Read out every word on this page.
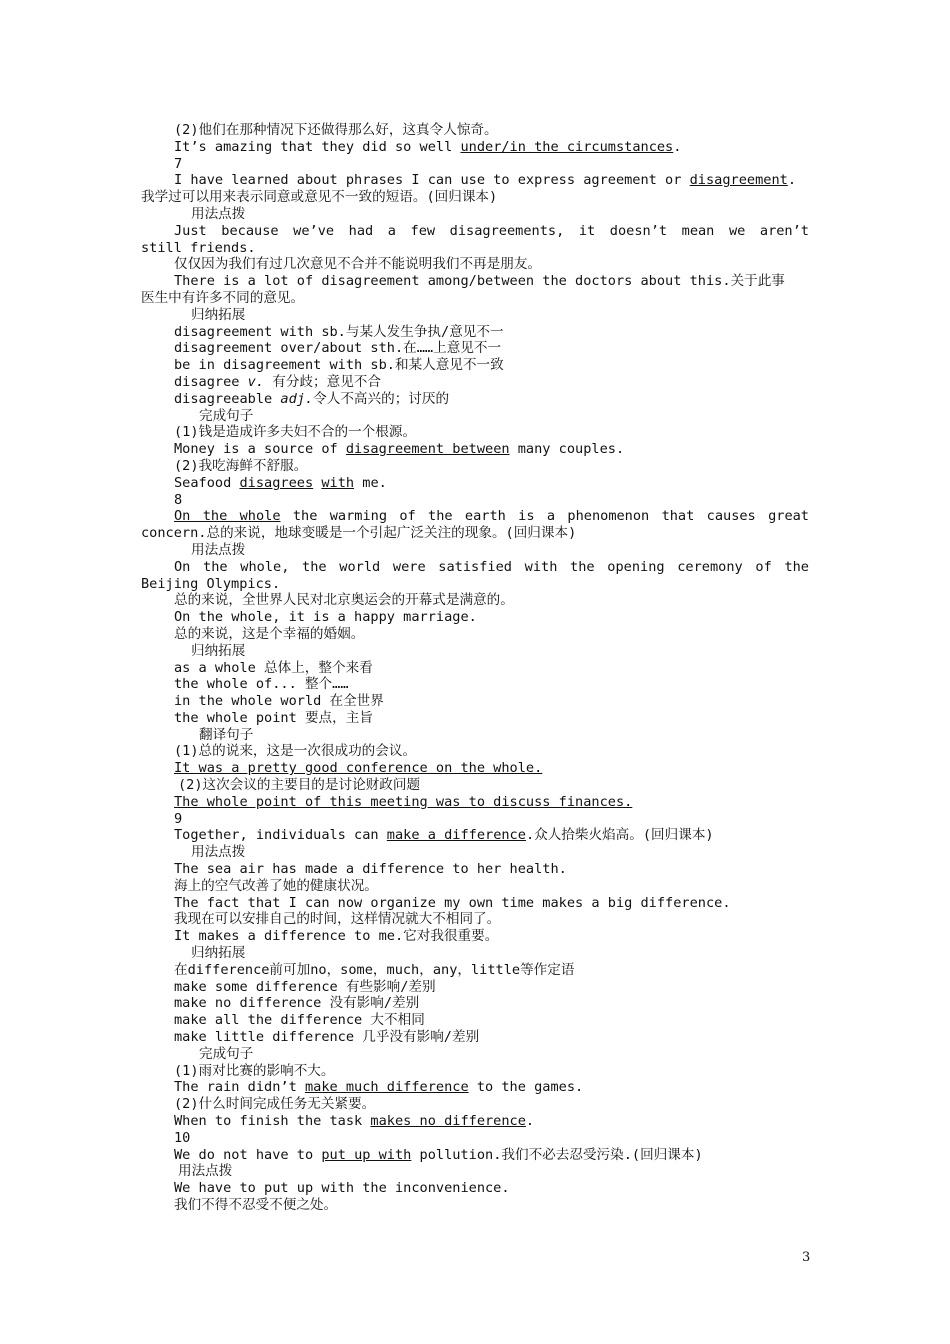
(2)他们在那种情况下还做得那么好，这真令人惊奇。
It’s amazing that they did so well under/in the circumstances.
7
I have learned about phrases I can use to express agreement or disagreement.
我学过可以用来表示同意或意见不一致的短语。(回归课本)
用法点拨
Just because we’ve had a few disagreements, it doesn’t mean we aren’t
still friends.
仅仅因为我们有过几次意见不合并不能说明我们不再是朋友。
There is a lot of disagreement among/between the doctors about this.关于此事
医生中有许多不同的意见。
归纳拓展
disagreement with sb.与某人发生争执/意见不一
disagreement over/about sth.在……上意见不一
be in disagreement with sb.和某人意见不一致
disagree v. 有分歧；意见不合
disagreeable adj.令人不高兴的；讨厌的
完成句子
(1)钱是造成许多夫妇不合的一个根源。
Money is a source of disagreement between many couples.
(2)我吃海鲜不舒服。
Seafood disagrees with me.
8
On the whole the warming of the earth is a phenomenon that causes great
concern.总的来说，地球变暖是一个引起广泛关注的现象。(回归课本)
用法点拨
On the whole, the world were satisfied with the opening ceremony of the
Beijing Olympics.
总的来说，全世界人民对北京奥运会的开幕式是满意的。
On the whole, it is a happy marriage.
总的来说，这是个幸福的婚姻。
归纳拓展
as a whole 总体上，整个来看
the whole of... 整个……
in the whole world 在全世界
the whole point 要点，主旨
翻译句子
(1)总的说来，这是一次很成功的会议。
It was a pretty good conference on the whole.
(2)这次会议的主要目的是讨论财政问题
The whole point of this meeting was to discuss finances.
9
Together, individuals can make a difference.众人拾柴火焰高。(回归课本)
用法点拨
The sea air has made a difference to her health.
海上的空气改善了她的健康状况。
The fact that I can now organize my own time makes a big difference.
我现在可以安排自己的时间，这样情况就大不相同了。
It makes a difference to me.它对我很重要。
归纳拓展
在difference前可加no，some，much，any，little等作定语
make some difference 有些影响/差别
make no difference 没有影响/差别
make all the difference 大不相同
make little difference 几乎没有影响/差别
完成句子
(1)雨对比赛的影响不大。
The rain didn’t make much difference to the games.
(2)什么时间完成任务无关紧要。
When to finish the task makes no difference.
10
We do not have to put up with pollution.我们不必去忍受污染.(回归课本)
用法点拨
We have to put up with the inconvenience.
我们不得不忍受不便之处。
3
